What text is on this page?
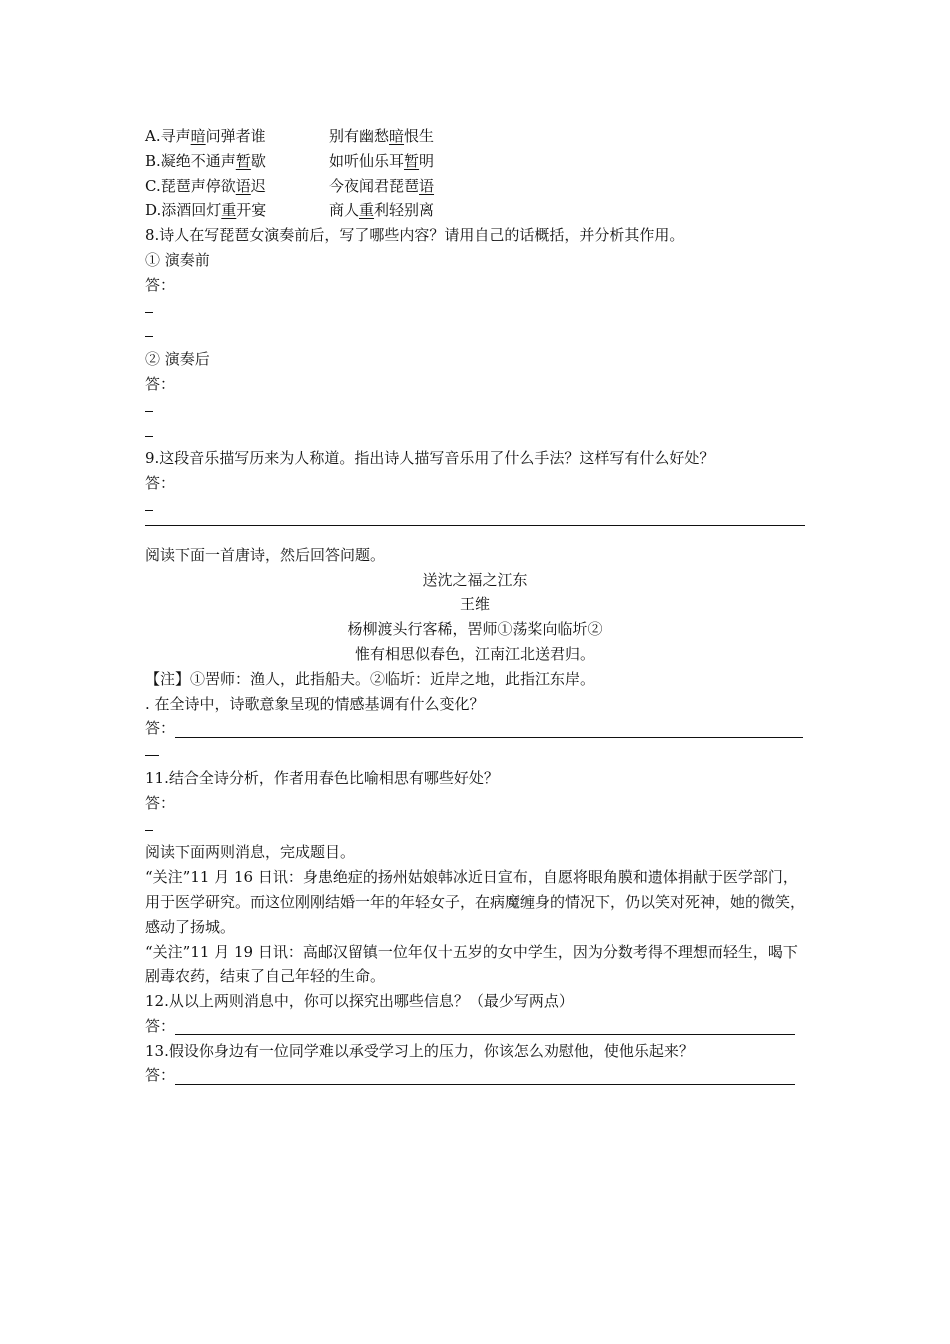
A.寻声暗问弹者谁	别有幽愁暗恨生
B.凝绝不通声暂歇	如听仙乐耳暂明
C.琵琶声停欲语迟	今夜闻君琵琶语
D.添酒回灯重开宴	商人重利轻别离
8.诗人在写琵琶女演奏前后，写了哪些内容？请用自己的话概括，并分析其作用。
① 演奏前
答：
② 演奏后
答：
9.这段音乐描写历来为人称道。指出诗人描写音乐用了什么手法？这样写有什么好处？
答：
阅读下面一首唐诗，然后回答问题。
送沈之福之江东
王维
杨柳渡头行客稀，罟师①荡桨向临圻②
惟有相思似春色，江南江北送君归。
【注】①罟师：渔人，此指船夫。②临圻：近岸之地，此指江东岸。
. 在全诗中，诗歌意象呈现的情感基调有什么变化？
答：
11.结合全诗分析，作者用春色比喻相思有哪些好处？
答：
阅读下面两则消息，完成题目。
“关注”11 月 16 日讯：身患绝症的扬州姑娘韩冰近日宣布，自愿将眼角膜和遗体捐献于医学部门，用于医学研究。而这位刚刚结婚一年的年轻女子，在病魔缠身的情况下，仍以笑对死神，她的微笑，感动了扬城。
“关注”11 月 19 日讯：高邮汉留镇一位年仅十五岁的女中学生，因为分数考得不理想而轻生，喝下剧毒农药，结束了自己年轻的生命。
12.从以上两则消息中，你可以探究出哪些信息？（最少写两点）
答：
13.假设你身边有一位同学难以承受学习上的压力，你该怎么劝慰他，使他乐起来？
答：
